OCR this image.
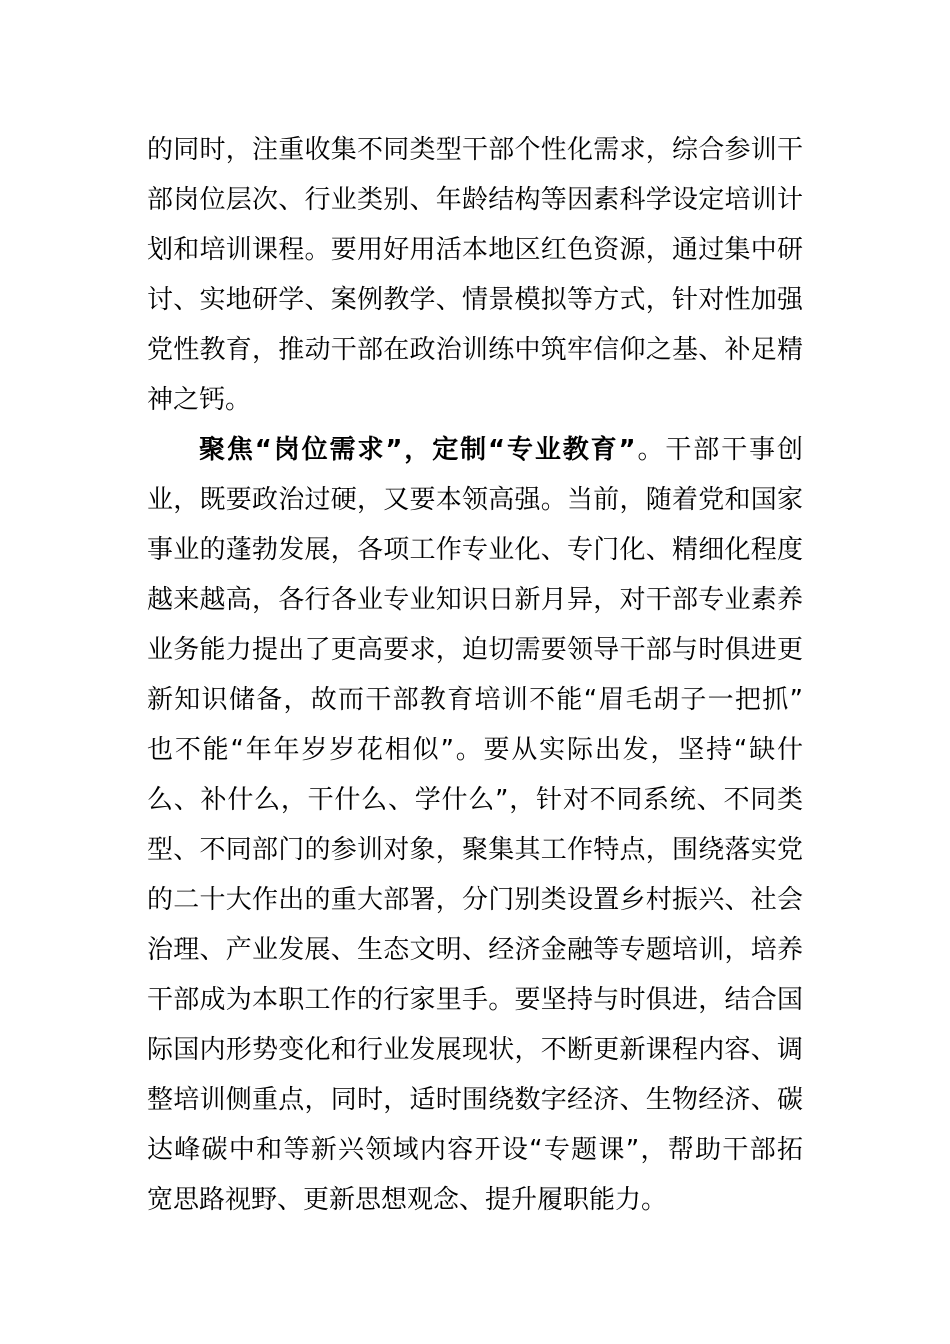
的同时，注重收集不同类型干部个性化需求，综合参训干
部岗位层次、行业类别、年龄结构等因素科学设定培训计
划和培训课程。要用好用活本地区红色资源，通过集中研
讨、实地研学、案例教学、情景模拟等方式，针对性加强
党性教育，推动干部在政治训练中筑牢信仰之基、补足精
神之钙。
聚焦“岗位需求”，定制“专业教育”。干部干事创
业，既要政治过硬，又要本领高强。当前，随着党和国家
事业的蓬勃发展，各项工作专业化、专门化、精细化程度
越来越高，各行各业专业知识日新月异，对干部专业素养
业务能力提出了更高要求，迫切需要领导干部与时俱进更
新知识储备，故而干部教育培训不能“眉毛胡子一把抓”
也不能“年年岁岁花相似”。要从实际出发，坚持“缺什
么、补什么，干什么、学什么”，针对不同系统、不同类
型、不同部门的参训对象，聚集其工作特点，围绕落实党
的二十大作出的重大部署，分门别类设置乡村振兴、社会
治理、产业发展、生态文明、经济金融等专题培训，培养
干部成为本职工作的行家里手。要坚持与时俱进，结合国
际国内形势变化和行业发展现状，不断更新课程内容、调
整培训侧重点，同时，适时围绕数字经济、生物经济、碳
达峰碳中和等新兴领域内容开设“专题课”，帮助干部拓
宽思路视野、更新思想观念、提升履职能力。
